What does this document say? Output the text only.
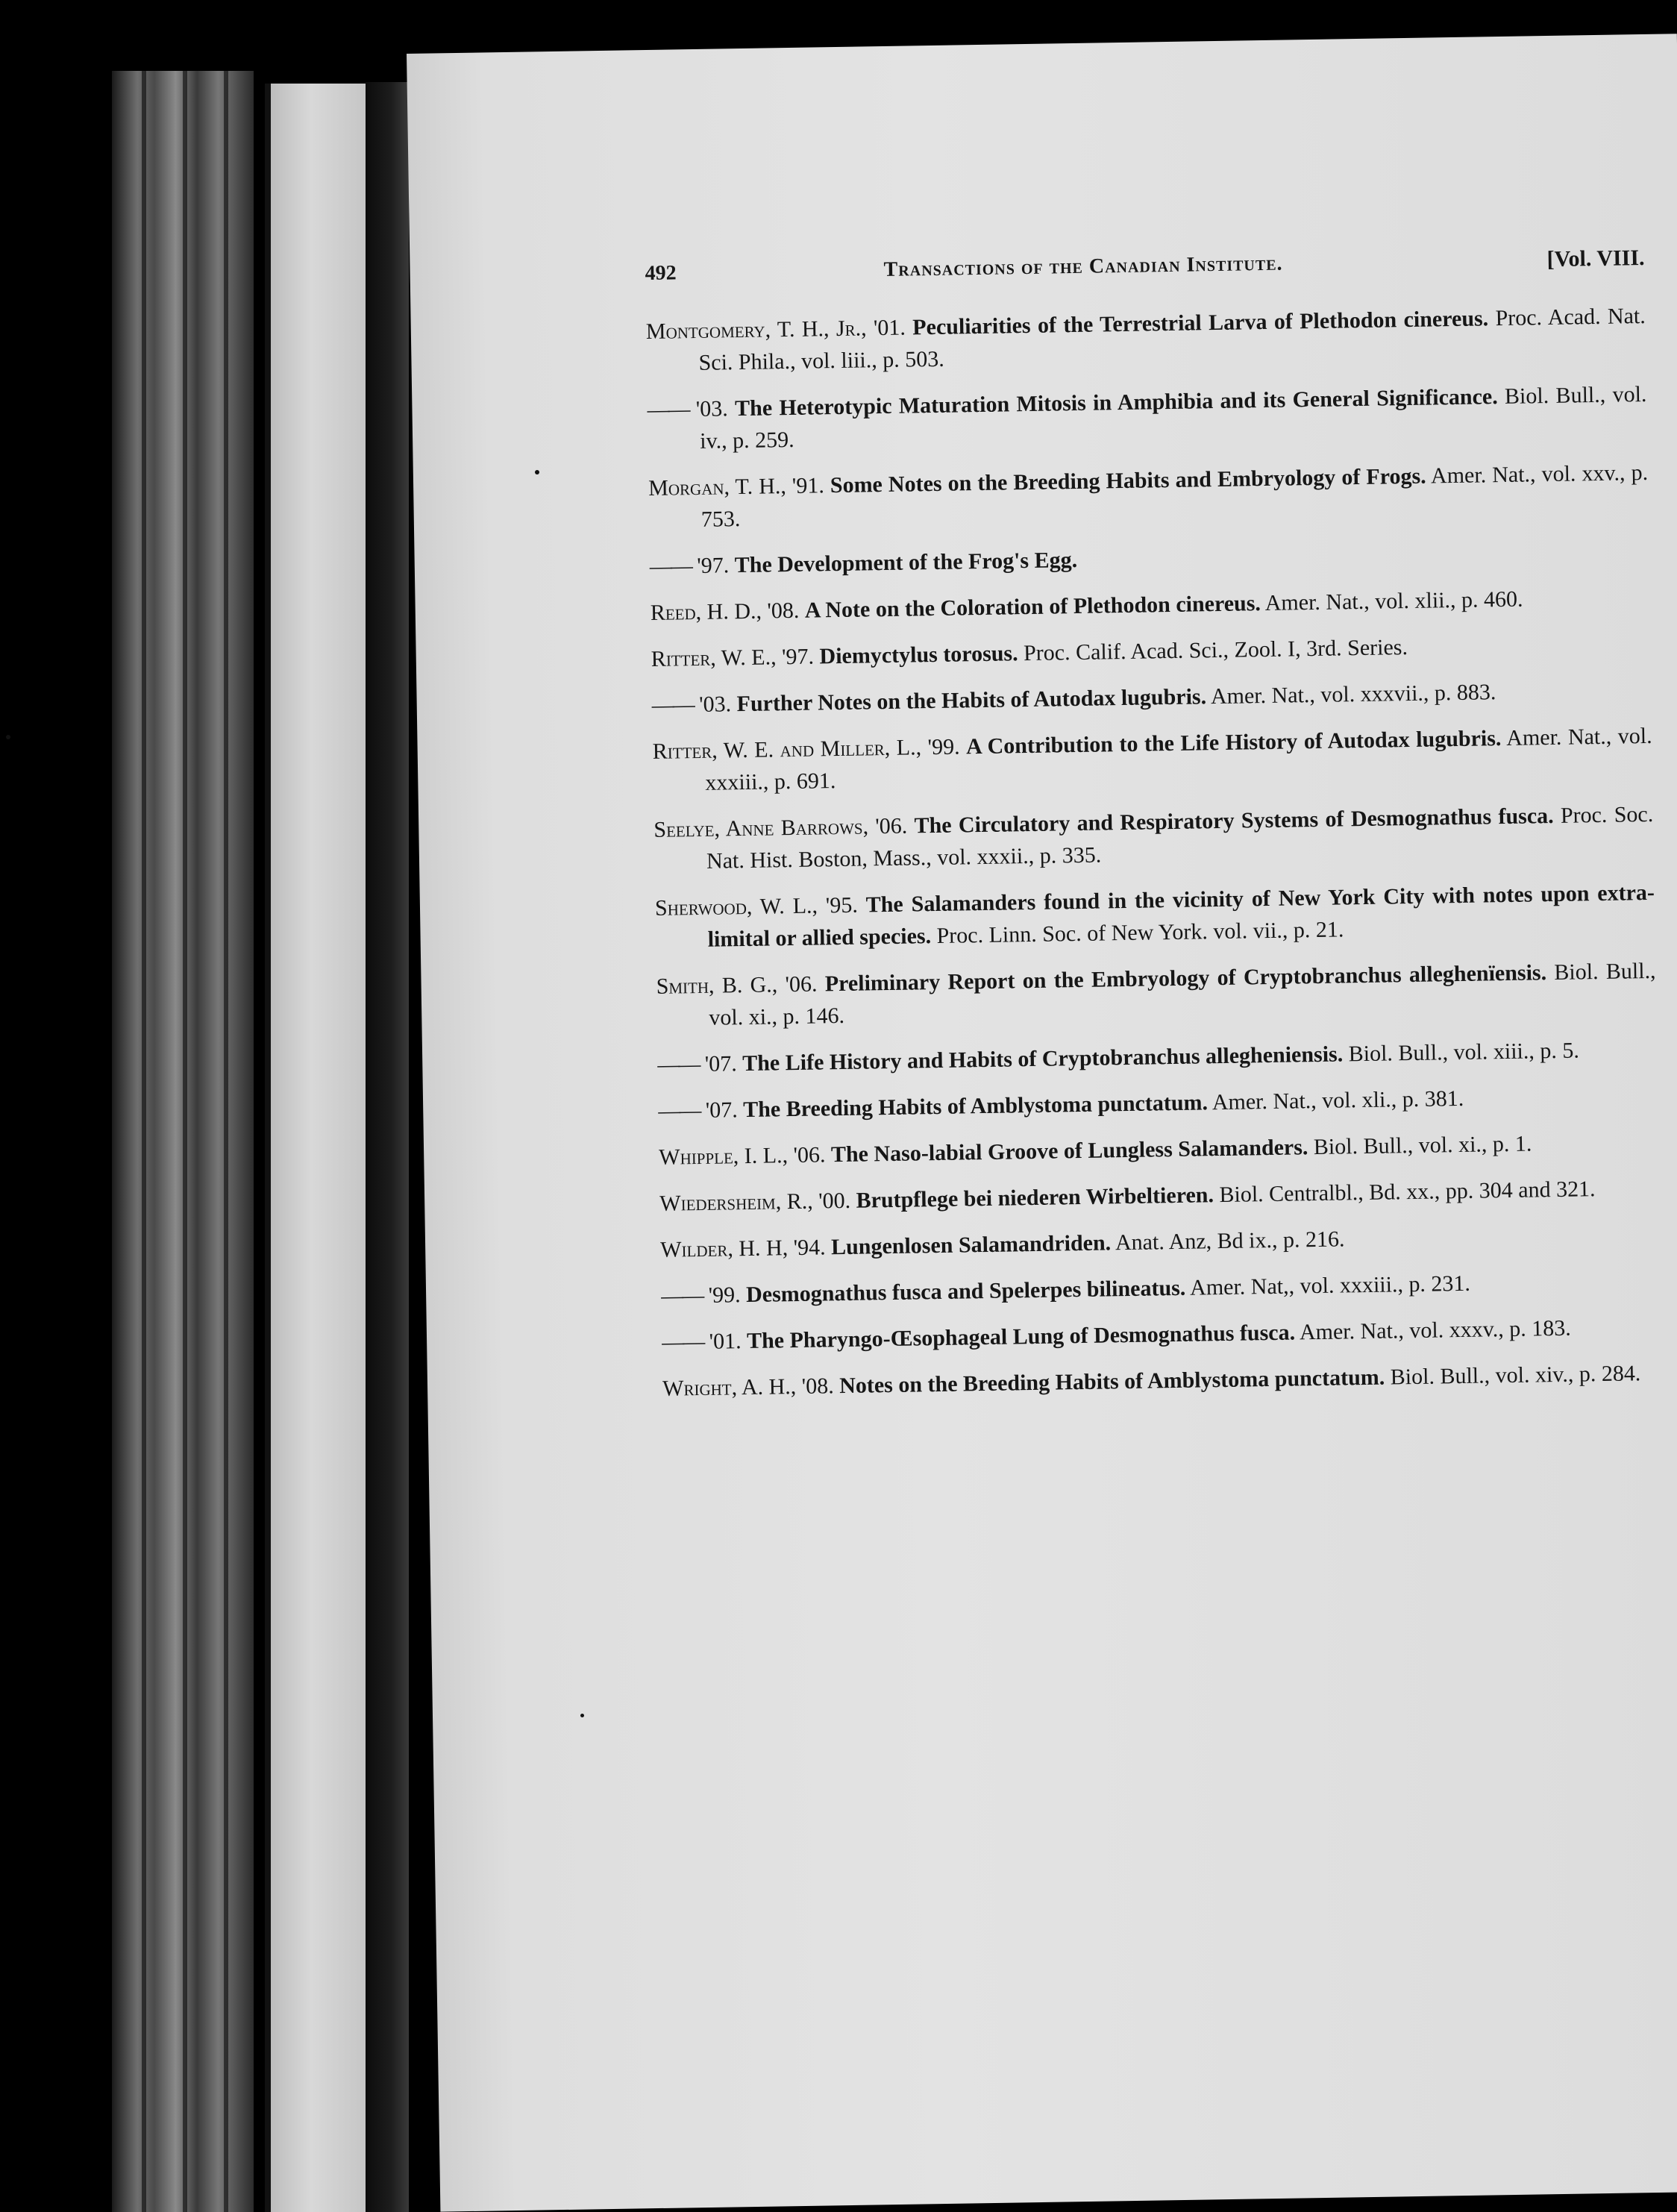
492	Transactions of the Canadian Institute.	[Vol. VIII.

Montgomery, T. H., Jr., '01. Peculiarities of the Terrestrial Larva of Plethodon cinereus. Proc. Acad. Nat. Sci. Phila., vol. liii., p. 503.

—— '03. The Heterotypic Maturation Mitosis in Amphibia and its General Significance. Biol. Bull., vol. iv., p. 259.

Morgan, T. H., '91. Some Notes on the Breeding Habits and Embryology of Frogs. Amer. Nat., vol. xxv., p. 753.

—— '97. The Development of the Frog's Egg.

Reed, H. D., '08. A Note on the Coloration of Plethodon cinereus. Amer. Nat., vol. xlii., p. 460.

Ritter, W. E., '97. Diemyctylus torosus. Proc. Calif. Acad. Sci., Zool. I, 3rd. Series.

—— '03. Further Notes on the Habits of Autodax lugubris. Amer. Nat., vol. xxxvii., p. 883.

Ritter, W. E. and Miller, L., '99. A Contribution to the Life History of Autodax lugubris. Amer. Nat., vol. xxxiii., p. 691.

Seelye, Anne Barrows, '06. The Circulatory and Respiratory Systems of Desmognathus fusca. Proc. Soc. Nat. Hist. Boston, Mass., vol. xxxii., p. 335.

Sherwood, W. L., '95. The Salamanders found in the vicinity of New York City with notes upon extra-limital or allied species. Proc. Linn. Soc. of New York. vol. vii., p. 21.

Smith, B. G., '06. Preliminary Report on the Embryology of Cryptobranchus alleghenïensis. Biol. Bull., vol. xi., p. 146.

—— '07. The Life History and Habits of Cryptobranchus allegheniensis. Biol. Bull., vol. xiii., p. 5.

—— '07. The Breeding Habits of Amblystoma punctatum. Amer. Nat., vol. xli., p. 381.

Whipple, I. L., '06. The Naso-labial Groove of Lungless Salamanders. Biol. Bull., vol. xi., p. 1.

Wiedersheim, R., '00. Brutpflege bei niederen Wirbeltieren. Biol. Centralbl., Bd. xx., pp. 304 and 321.

Wilder, H. H, '94. Lungenlosen Salamandriden. Anat. Anz, Bd ix., p. 216.

—— '99. Desmognathus fusca and Spelerpes bilineatus. Amer. Nat,, vol. xxxiii., p. 231.

—— '01. The Pharyngo-Œsophageal Lung of Desmognathus fusca. Amer. Nat., vol. xxxv., p. 183.

Wright, A. H., '08. Notes on the Breeding Habits of Amblystoma punctatum. Biol. Bull., vol. xiv., p. 284.
